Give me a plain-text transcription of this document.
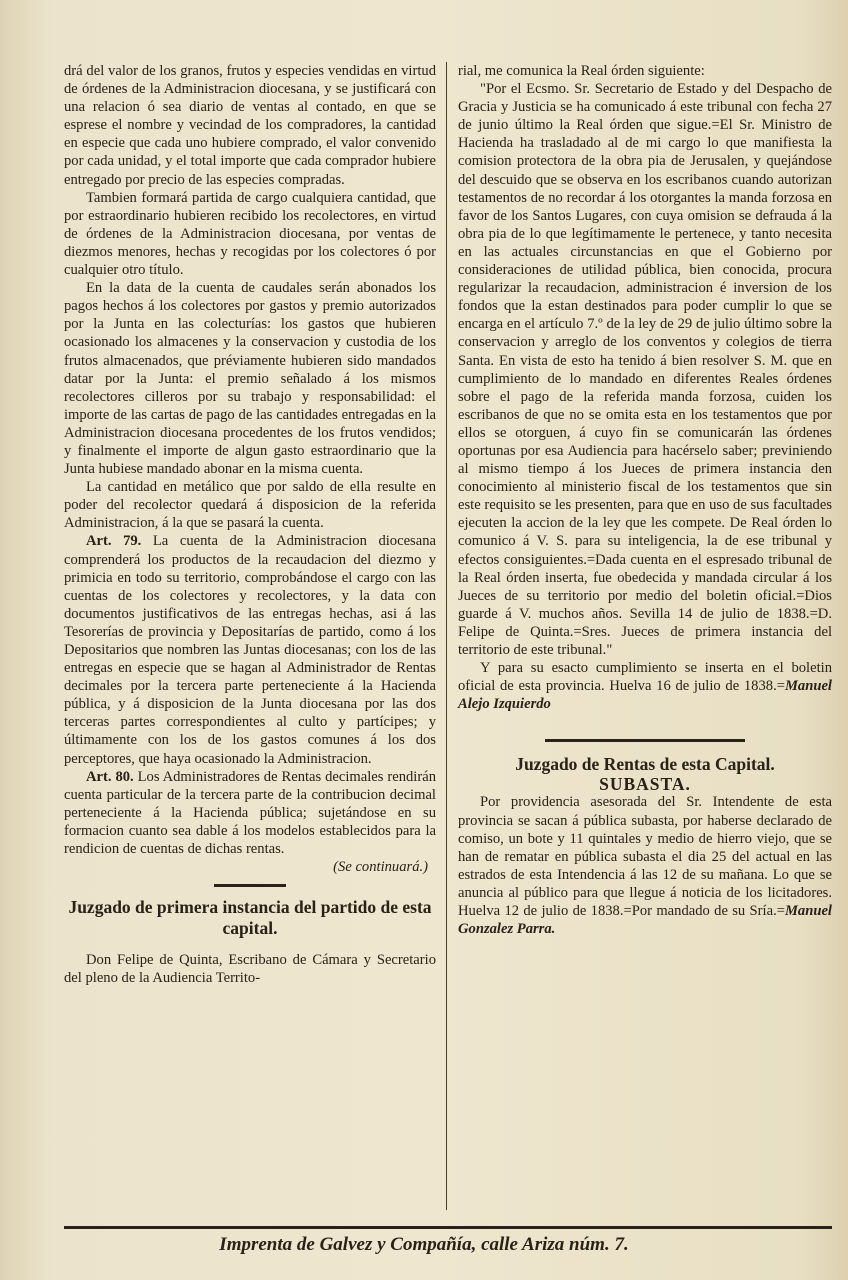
drá del valor de los granos, frutos y especies vendidas en virtud de órdenes de la Administracion diocesana, y se justificará con una relacion ó sea diario de ventas al contado, en que se esprese el nombre y vecindad de los compradores, la cantidad en especie que cada uno hubiere comprado, el valor convenido por cada unidad, y el total importe que cada comprador hubiere entregado por precio de las especies compradas.

Tambien formará partida de cargo cualquiera cantidad, que por estraordinario hubieren recibido los recolectores, en virtud de órdenes de la Administracion diocesana, por ventas de diezmos menores, hechas y recogidas por los colectores ó por cualquier otro título.

En la data de la cuenta de caudales serán abonados los pagos hechos á los colectores por gastos y premio autorizados por la Junta en las colecturías: los gastos que hubieren ocasionado los almacenes y la conservacion y custodia de los frutos almacenados, que préviamente hubieren sido mandados datar por la Junta: el premio señalado á los mismos recolectores cilleros por su trabajo y responsabilidad: el importe de las cartas de pago de las cantidades entregadas en la Administracion diocesana procedentes de los frutos vendidos; y finalmente el importe de algun gasto estraordinario que la Junta hubiese mandado abonar en la misma cuenta.

La cantidad en metálico que por saldo de ella resulte en poder del recolector quedará á disposicion de la referida Administracion, á la que se pasará la cuenta.

Art. 79. La cuenta de la Administracion diocesana comprenderá los productos de la recaudacion del diezmo y primicia en todo su territorio, comprobándose el cargo con las cuentas de los colectores y recolectores, y la data con documentos justificativos de las entregas hechas, asi á las Tesorerías de provincia y Depositarías de partido, como á los Depositarios que nombren las Juntas diocesanas; con los de las entregas en especie que se hagan al Administrador de Rentas decimales por la tercera parte perteneciente á la Hacienda pública, y á disposicion de la Junta diocesana por las dos terceras partes correspondientes al culto y partícipes; y últimamente con los de los gastos comunes á los dos perceptores, que haya ocasionado la Administracion.

Art. 80. Los Administradores de Rentas decimales rendirán cuenta particular de la tercera parte de la contribucion decimal perteneciente á la Hacienda pública; sujetándose en su formacion cuanto sea dable á los modelos establecidos para la rendicion de cuentas de dichas rentas.

(Se continuará.)

Juzgado de primera instancia del partido de esta capital.

Don Felipe de Quinta, Escribano de Cámara y Secretario del pleno de la Audiencia Territo-

rial, me comunica la Real órden siguiente:

"Por el Ecsmo. Sr. Secretario de Estado y del Despacho de Gracia y Justicia se ha comunicado á este tribunal con fecha 27 de junio último la Real órden que sigue.=El Sr. Ministro de Hacienda ha trasladado al de mi cargo lo que manifiesta la comision protectora de la obra pia de Jerusalen, y quejándose del descuido que se observa en los escribanos cuando autorizan testamentos de no recordar á los otorgantes la manda forzosa en favor de los Santos Lugares, con cuya omision se defrauda á la obra pia de lo que legítimamente le pertenece, y tanto necesita en las actuales circunstancias en que el Gobierno por consideraciones de utilidad pública, bien conocida, procura regularizar la recaudacion, administracion é inversion de los fondos que la estan destinados para poder cumplir lo que se encarga en el artículo 7.º de la ley de 29 de julio último sobre la conservacion y arreglo de los conventos y colegios de tierra Santa. En vista de esto ha tenido á bien resolver S. M. que en cumplimiento de lo mandado en diferentes Reales órdenes sobre el pago de la referida manda forzosa, cuiden los escribanos de que no se omita esta en los testamentos que por ellos se otorguen, á cuyo fin se comunicarán las órdenes oportunas por esa Audiencia para hacérselo saber; previniendo al mismo tiempo á los Jueces de primera instancia den conocimiento al ministerio fiscal de los testamentos que sin este requisito se les presenten, para que en uso de sus facultades ejecuten la accion de la ley que les compete. De Real órden lo comunico á V. S. para su inteligencia, la de ese tribunal y efectos consiguientes.=Dada cuenta en el espresado tribunal de la Real órden inserta, fue obedecida y mandada circular á los Jueces de su territorio por medio del boletin oficial.=Dios guarde á V. muchos años. Sevilla 14 de julio de 1838.=D. Felipe de Quinta.=Sres. Jueces de primera instancia del territorio de este tribunal."

Y para su esacto cumplimiento se inserta en el boletin oficial de esta provincia. Huelva 16 de julio de 1838.=Manuel Alejo Izquierdo

Juzgado de Rentas de esta Capital.

SUBASTA.

Por providencia asesorada del Sr. Intendente de esta provincia se sacan á pública subasta, por haberse declarado de comiso, un bote y 11 quintales y medio de hierro viejo, que se han de rematar en pública subasta el dia 25 del actual en las estrados de esta Intendencia á las 12 de su mañana. Lo que se anuncia al público para que llegue á noticia de los licitadores. Huelva 12 de julio de 1838.=Por mandado de su Sría.=Manuel Gonzalez Parra.

Imprenta de Galvez y Compañía, calle Ariza núm. 7.
